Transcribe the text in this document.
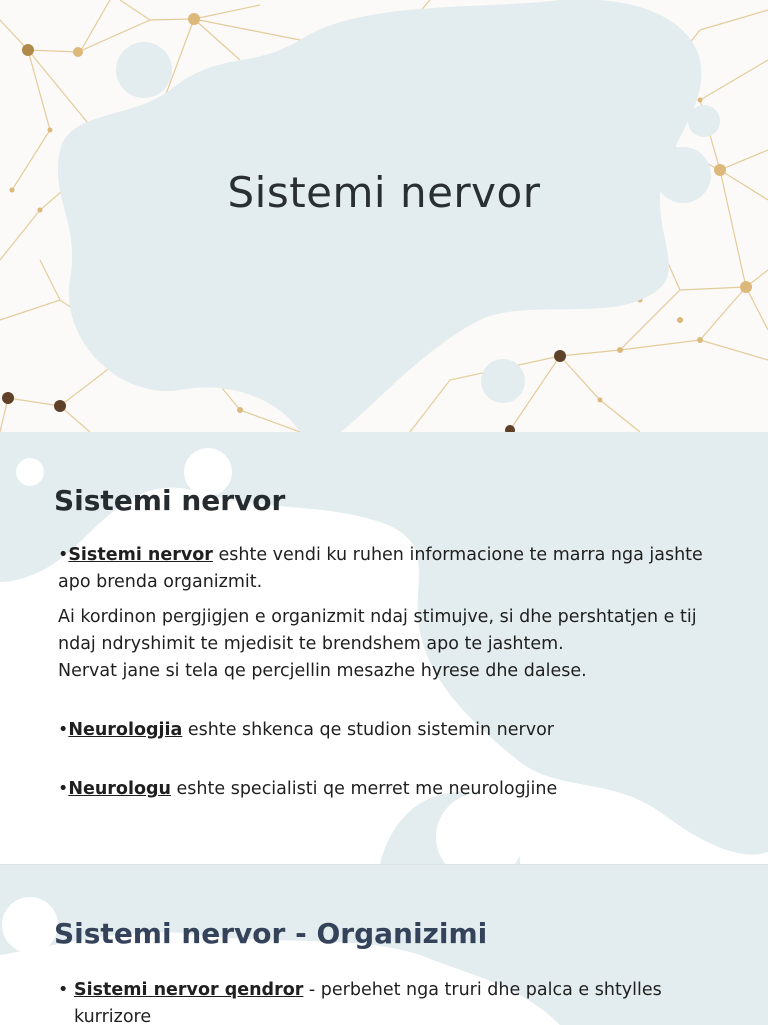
Sistemi nervor
Sistemi nervor

•Sistemi nervor eshte vendi ku ruhen informacione te marra nga jashte apo brenda organizmit.

Ai kordinon pergjigjen e organizmit ndaj stimujve, si dhe pershtatjen e tij ndaj ndryshimit te mjedisit te brendshem apo te jashtem.

Nervat jane si tela qe percjellin mesazhe hyrese dhe dalese.

•Neurologjia eshte shkenca qe studion sistemin nervor

•Neurologu eshte specialisti qe merret me neurologjine

Sistemi nervor - Organizimi
• Sistemi nervor qendror - perbehet nga truri dhe palca e shtylles kurrizore
